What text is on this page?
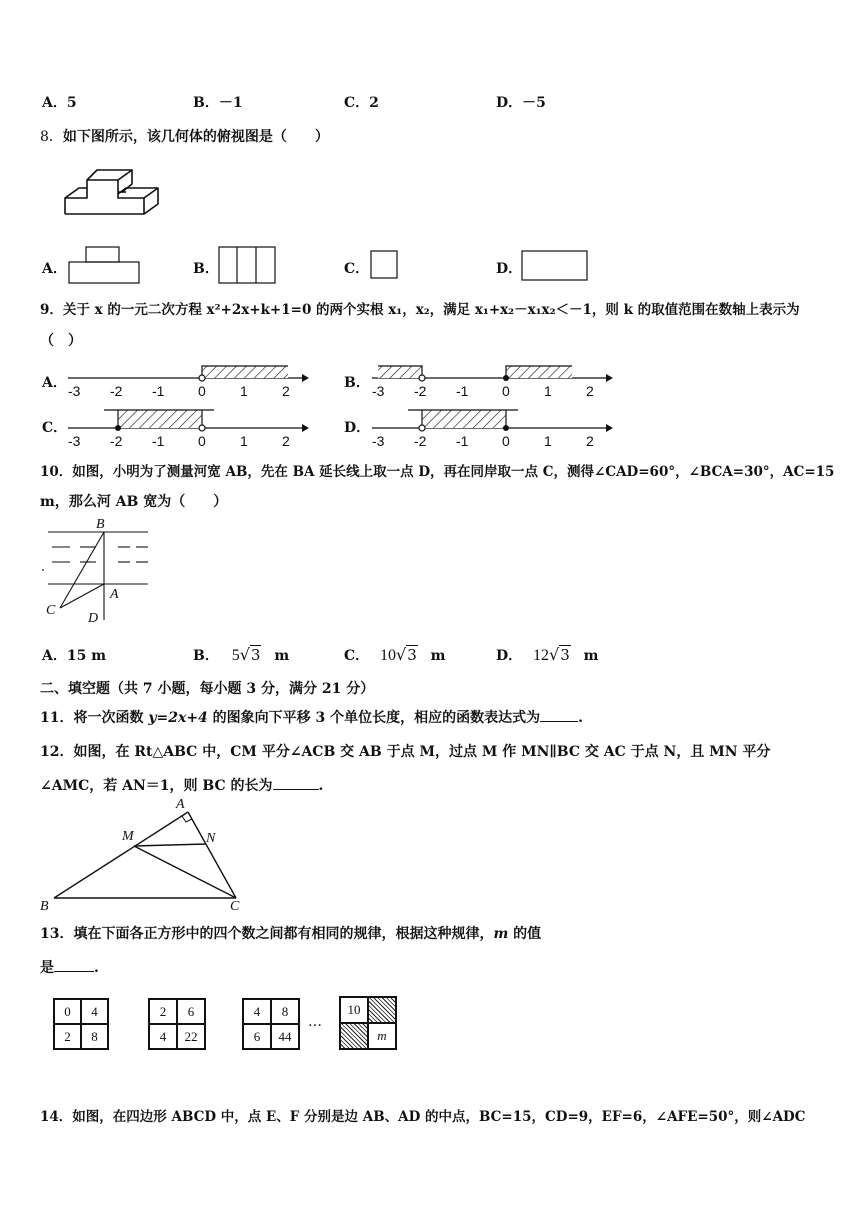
A．5	B．－1	C．2	D．－5
8．如下图所示，该几何体的俯视图是（　　）
A．	B．	C．	D．
9．关于 x 的一元二次方程 x²+2x+k+1=0 的两个实根 x₁，x₂，满足 x₁+x₂－x₁x₂＜－1，则 k 的取值范围在数轴上表示为
（　）
A． -3 -2 -1 0 1 2	B． -3 -2 -1 0 1 2
C．
-3 -2 -1 0 1 2
D．
-3 -2 -1 0 1 2
10．如图，小明为了测量河宽 AB，先在 BA 延长线上取一点 D，再在同岸取一点 C，测得∠CAD=60°，∠BCA=30°，AC=15
m，那么河 AB 宽为（　　）
B
A
C
D
A．15 m	B． 5√3 m	C． 10√3 m	D． 12√3 m
二、填空题（共 7 小题，每小题 3 分，满分 21 分）
11．将一次函数 y=2x+4 的图象向下平移 3 个单位长度，相应的函数表达式为	.
12．如图，在 Rt△ABC 中，CM 平分∠ACB 交 AB 于点 M，过点 M 作 MN∥BC 交 AC 于点 N，且 MN 平分
∠AMC，若 AN＝1，则 BC 的长为	.
A
M	N
B	C
13．填在下面各正方形中的四个数之间都有相同的规律，根据这种规律，m 的值
是	.
0	4
2	8
2	6
4	22
4	8
6	44
…
10
m
14．如图，在四边形 ABCD 中，点 E、F 分别是边 AB、AD 的中点，BC=15，CD=9，EF=6，∠AFE=50°，则∠ADC
